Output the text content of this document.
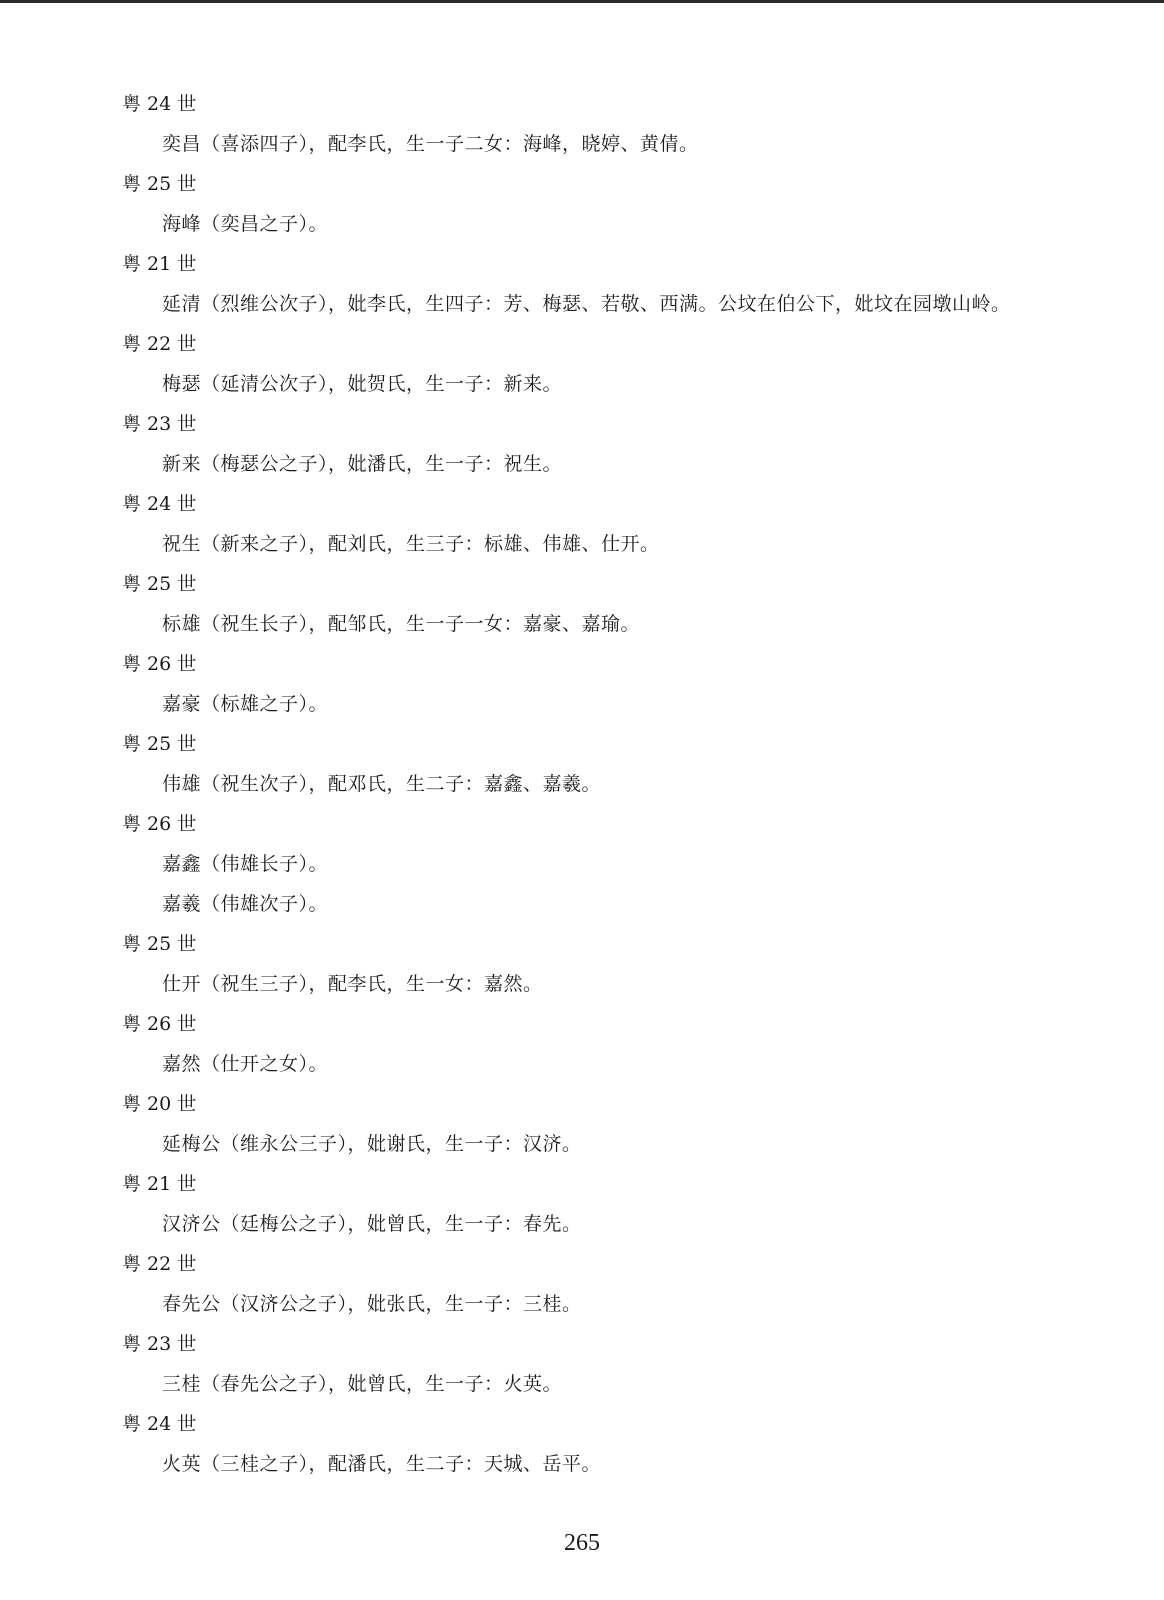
粤 24 世
奕昌（喜添四子），配李氏，生一子二女：海峰，晓婷、黄倩。
粤 25 世
海峰（奕昌之子）。
粤 21 世
延清（烈维公次子），妣李氏，生四子：芳、梅瑟、若敬、西满。公坟在伯公下，妣坟在园墩山岭。
粤 22 世
梅瑟（延清公次子），妣贺氏，生一子：新来。
粤 23 世
新来（梅瑟公之子），妣潘氏，生一子：祝生。
粤 24 世
祝生（新来之子），配刘氏，生三子：标雄、伟雄、仕开。
粤 25 世
标雄（祝生长子），配邹氏，生一子一女：嘉豪、嘉瑜。
粤 26 世
嘉豪（标雄之子）。
粤 25 世
伟雄（祝生次子），配邓氏，生二子：嘉鑫、嘉羲。
粤 26 世
嘉鑫（伟雄长子）。
嘉羲（伟雄次子）。
粤 25 世
仕开（祝生三子），配李氏，生一女：嘉然。
粤 26 世
嘉然（仕开之女）。
粤 20 世
延梅公（维永公三子），妣谢氏，生一子：汉济。
粤 21 世
汉济公（廷梅公之子），妣曾氏，生一子：春先。
粤 22 世
春先公（汉济公之子），妣张氏，生一子：三桂。
粤 23 世
三桂（春先公之子），妣曾氏，生一子：火英。
粤 24 世
火英（三桂之子），配潘氏，生二子：天城、岳平。
265
